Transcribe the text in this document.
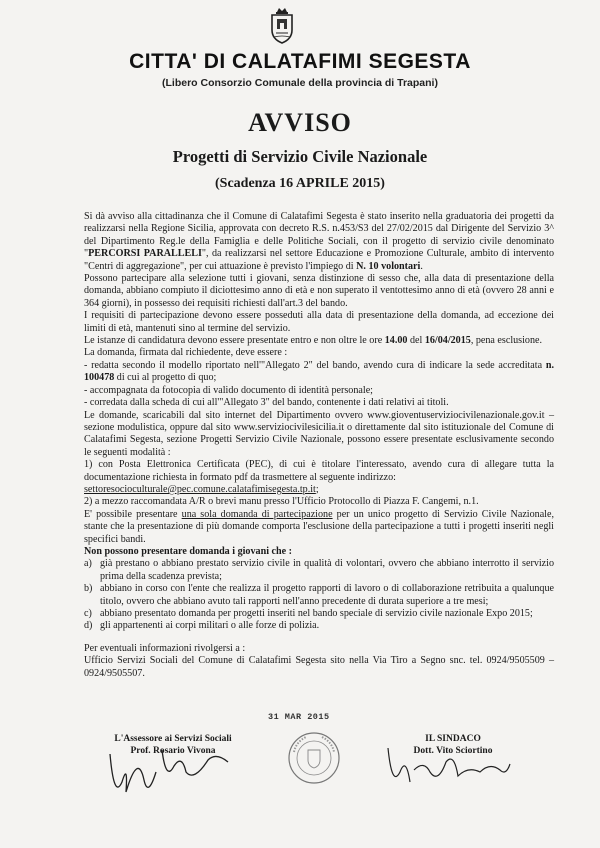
CITTA' DI CALATAFIMI SEGESTA
(Libero Consorzio Comunale della provincia di Trapani)
AVVISO
Progetti di Servizio Civile Nazionale
(Scadenza 16 APRILE 2015)

Si dà avviso alla cittadinanza che il Comune di Calatafimi Segesta è stato inserito nella graduatoria dei progetti da realizzarsi nella Regione Sicilia, approvata con decreto R.S. n.453/S3 del 27/02/2015 dal Dirigente del Servizio 3^ del Dipartimento Reg.le della Famiglia e delle Politiche Sociali, con il progetto di servizio civile denominato "PERCORSI PARALLELI", da realizzarsi nel settore Educazione e Promozione Culturale, ambito di intervento "Centri di aggregazione", per cui attuazione è previsto l'impiego di N. 10 volontari.

Possono partecipare alla selezione tutti i giovani, senza distinzione di sesso che, alla data di presentazione della domanda, abbiano compiuto il diciottesimo anno di età e non superato il ventottesimo anno di età (ovvero 28 anni e 364 giorni), in possesso dei requisiti richiesti dall'art.3 del bando.

I requisiti di partecipazione devono essere posseduti alla data di presentazione della domanda, ad eccezione dei limiti di età, mantenuti sino al termine del servizio.

Le istanze di candidatura devono essere presentate entro e non oltre le ore 14.00 del 16/04/2015, pena esclusione.

La domanda, firmata dal richiedente, deve essere :

- redatta secondo il modello riportato nell'"Allegato 2" del bando, avendo cura di indicare la sede accreditata n. 100478 di cui al progetto di quo;

- accompagnata da fotocopia di valido documento di identità personale;

- corredata dalla scheda di cui all'"Allegato 3" del bando, contenente i dati relativi ai titoli.

Le domande, scaricabili dal sito internet del Dipartimento ovvero www.gioventuserviziocivilenazionale.gov.it – sezione modulistica, oppure dal sito www.serviziocivilesicilia.it o direttamente dal sito istituzionale del Comune di Calatafimi Segesta, sezione Progetti Servizio Civile Nazionale, possono essere presentate esclusivamente secondo le seguenti modalità :

1) con Posta Elettronica Certificata (PEC), di cui è titolare l'interessato, avendo cura di allegare tutta la documentazione richiesta in formato pdf da trasmettere al seguente indirizzo:

settoresocioculturale@pec.comune.calatafimisegesta.tp.it;

2) a mezzo raccomandata A/R o brevi manu presso l'Ufficio Protocollo di Piazza F. Cangemi, n.1.

E' possibile presentare una sola domanda di partecipazione per un unico progetto di Servizio Civile Nazionale, stante che la presentazione di più domande comporta l'esclusione della partecipazione a tutti i progetti inseriti negli specifici bandi.

Non possono presentare domanda i giovani che :

a) già prestano o abbiano prestato servizio civile in qualità di volontari, ovvero che abbiano interrotto il servizio prima della scadenza prevista;
b) abbiano in corso con l'ente che realizza il progetto rapporti di lavoro o di collaborazione retribuita a qualunque titolo, ovvero che abbiano avuto tali rapporti nell'anno precedente di durata superiore a tre mesi;
c) abbiano presentato domanda per progetti inseriti nel bando speciale di servizio civile nazionale Expo 2015;
d) gli appartenenti ai corpi militari o alle forze di polizia.

Per eventuali informazioni rivolgersi a :

Ufficio Servizi Sociali del Comune di Calatafimi Segesta sito nella Via Tiro a Segno snc. tel. 0924/9505509 – 0924/9505507.

31 MAR 2015
L'Assessore ai Servizi Sociali
Prof. Rosario Vivona
IL SINDACO
Dott. Vito Sciortino
